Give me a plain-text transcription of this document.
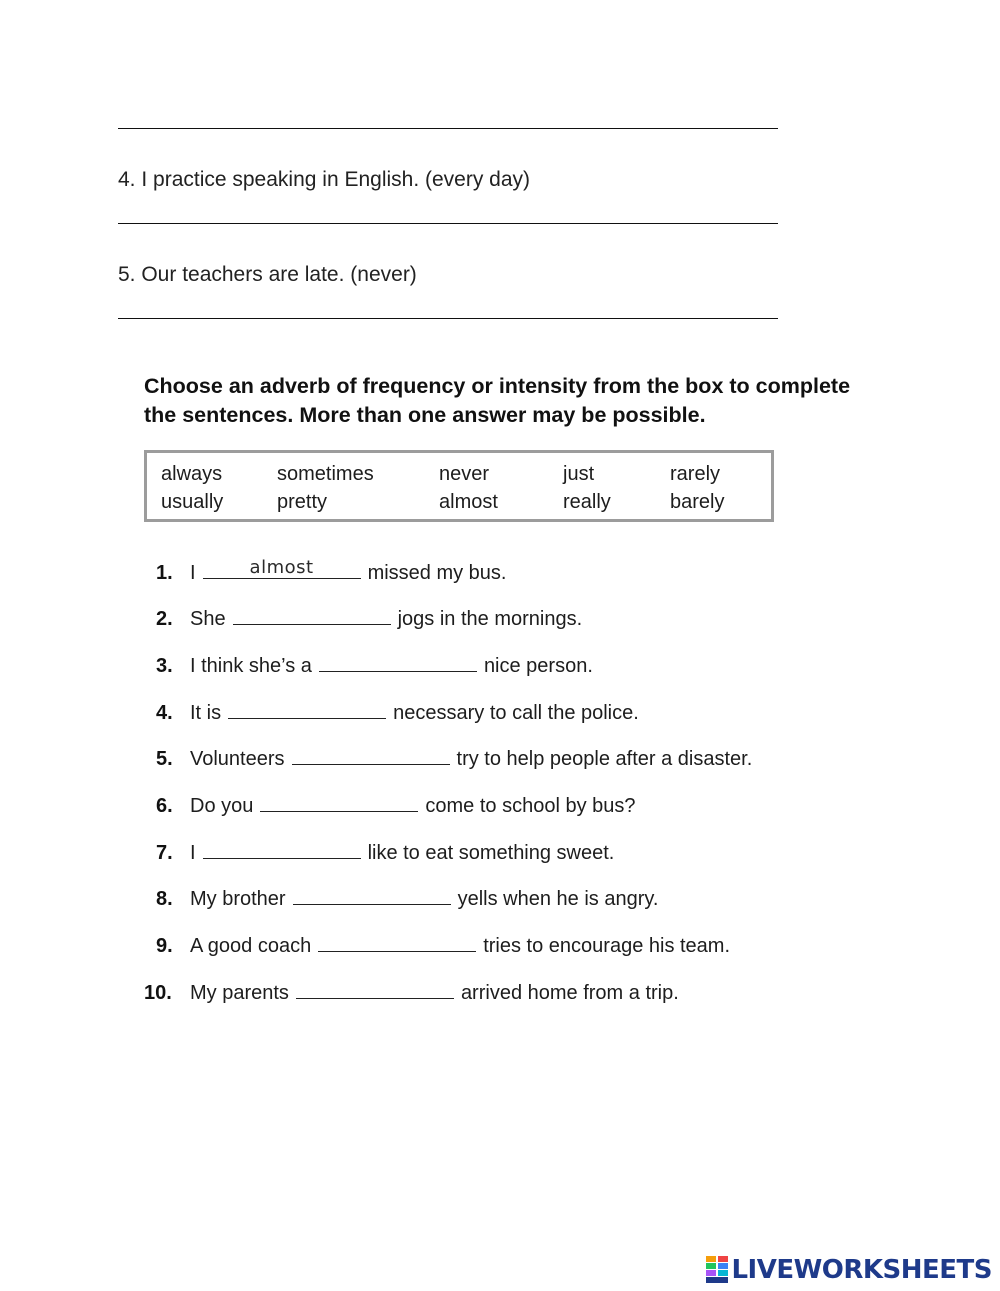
4. I practice speaking in English. (every day)
5. Our teachers are late. (never)
Choose an adverb of frequency or intensity from the box to complete
the sentences. More than one answer may be possible.
always	sometimes	never	just	rarely
usually	pretty	almost	really	barely
1. I	almost	missed my bus.
2. She	jogs in the mornings.
3. I think she’s a	nice person.
4. It is	necessary to call the police.
5. Volunteers	try to help people after a disaster.
6. Do you	come to school by bus?
7. I	like to eat something sweet.
8. My brother	yells when he is angry.
9. A good coach	tries to encourage his team.
10. My parents	arrived home from a trip.
LIVEWORKSHEETS
